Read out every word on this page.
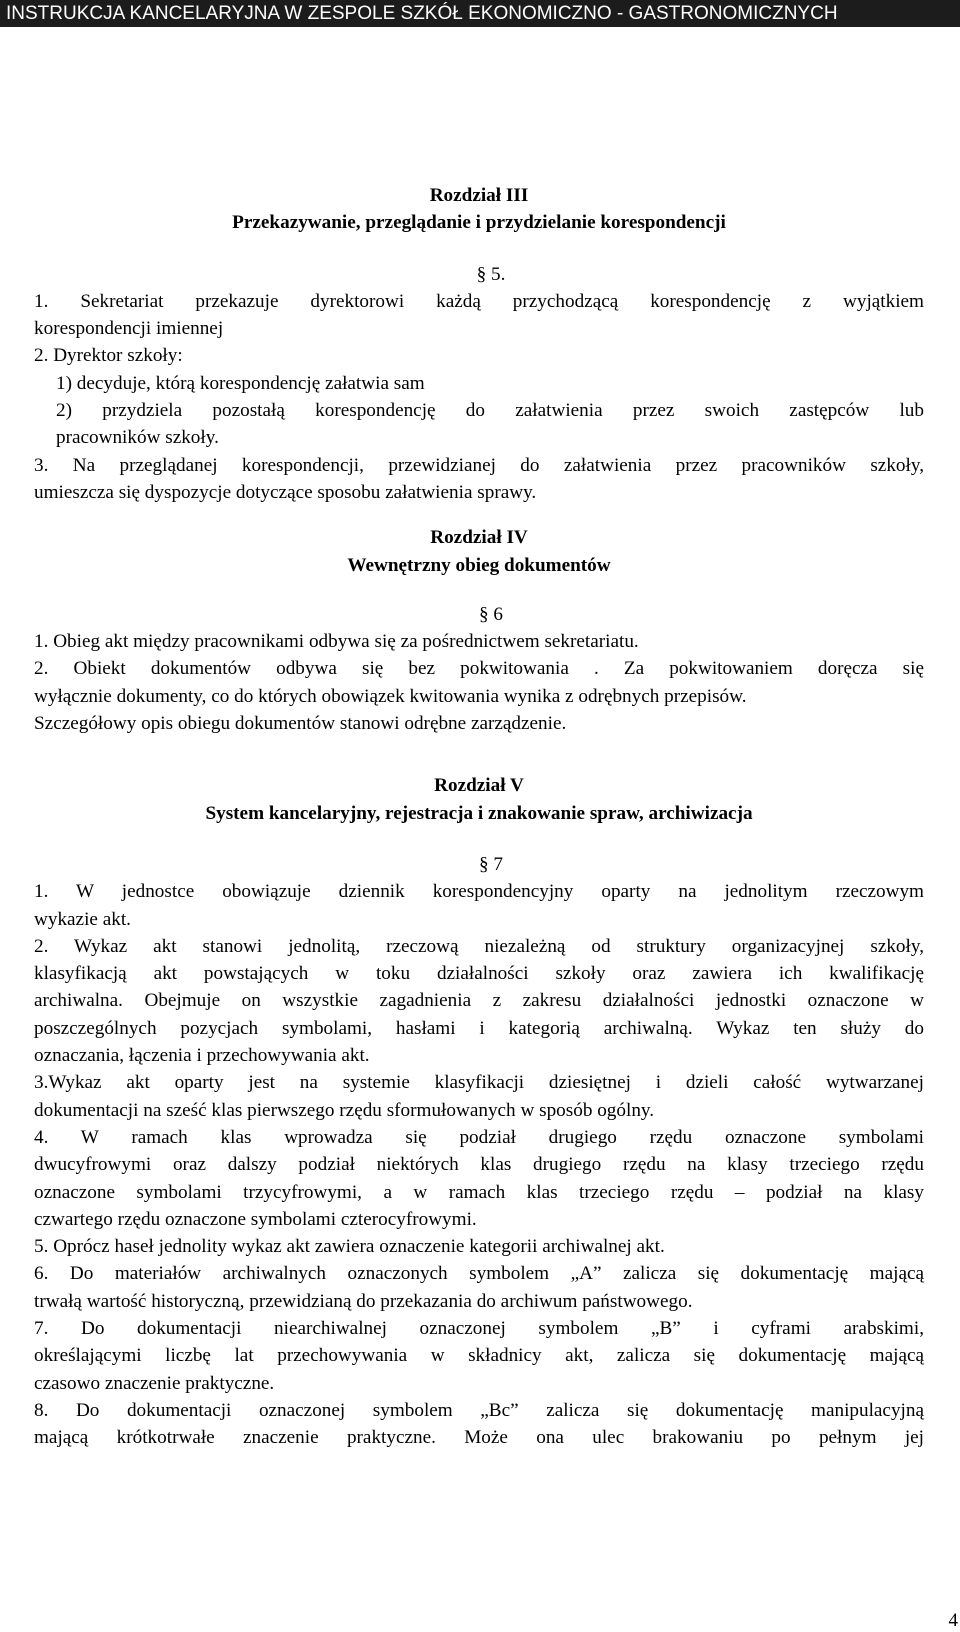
INSTRUKCJA KANCELARYJNA W ZESPOLE SZKÓŁ EKONOMICZNO - GASTRONOMICZNYCH

Rozdział III

Przekazywanie, przeglądanie i przydzielanie korespondencji

§ 5.

1. Sekretariat przekazuje dyrektorowi każdą przychodzącą korespondencję z wyjątkiem

korespondencji imiennej

2. Dyrektor szkoły:

1) decyduje, którą korespondencję załatwia sam

2) przydziela pozostałą korespondencję do załatwienia przez swoich zastępców lub

pracowników szkoły.

3. Na przeglądanej korespondencji, przewidzianej do załatwienia przez pracowników szkoły,

umieszcza się dyspozycje dotyczące sposobu załatwienia sprawy.

Rozdział IV

Wewnętrzny obieg dokumentów

§ 6

1. Obieg akt między pracownikami odbywa się za pośrednictwem sekretariatu.

2. Obiekt dokumentów odbywa się bez pokwitowania . Za pokwitowaniem doręcza się

wyłącznie dokumenty, co do których obowiązek kwitowania wynika z odrębnych przepisów.

Szczegółowy opis obiegu dokumentów stanowi odrębne zarządzenie.

Rozdział V

System kancelaryjny, rejestracja i znakowanie spraw, archiwizacja

§ 7

1. W jednostce obowiązuje dziennik korespondencyjny oparty na jednolitym rzeczowym

wykazie akt.

2. Wykaz akt stanowi jednolitą, rzeczową niezależną od struktury organizacyjnej szkoły,

klasyfikacją akt powstających w toku działalności szkoły oraz zawiera ich kwalifikację

archiwalna. Obejmuje on wszystkie zagadnienia z zakresu działalności jednostki oznaczone w

poszczególnych pozycjach symbolami, hasłami i kategorią archiwalną. Wykaz ten służy do

oznaczania, łączenia i przechowywania akt.

3.Wykaz akt oparty jest na systemie klasyfikacji dziesiętnej i dzieli całość wytwarzanej

dokumentacji na sześć klas pierwszego rzędu sformułowanych w sposób ogólny.

4. W ramach klas wprowadza się podział drugiego rzędu oznaczone symbolami

dwucyfrowymi oraz dalszy podział niektórych klas drugiego rzędu na klasy trzeciego rzędu

oznaczone symbolami trzycyfrowymi, a w ramach klas trzeciego rzędu – podział na klasy

czwartego rzędu oznaczone symbolami czterocyfrowymi.

5. Oprócz haseł jednolity wykaz akt zawiera oznaczenie kategorii archiwalnej akt.

6. Do materiałów archiwalnych oznaczonych symbolem „A” zalicza się dokumentację mającą

trwałą wartość historyczną, przewidzianą do przekazania do archiwum państwowego.

7. Do dokumentacji niearchiwalnej oznaczonej symbolem „B” i cyframi arabskimi,

określającymi liczbę lat przechowywania w składnicy akt, zalicza się dokumentację mającą

czasowo znaczenie praktyczne.

8. Do dokumentacji oznaczonej symbolem „Bc” zalicza się dokumentację manipulacyjną

mającą krótkotrwałe znaczenie praktyczne. Może ona ulec brakowaniu po pełnym jej

4
